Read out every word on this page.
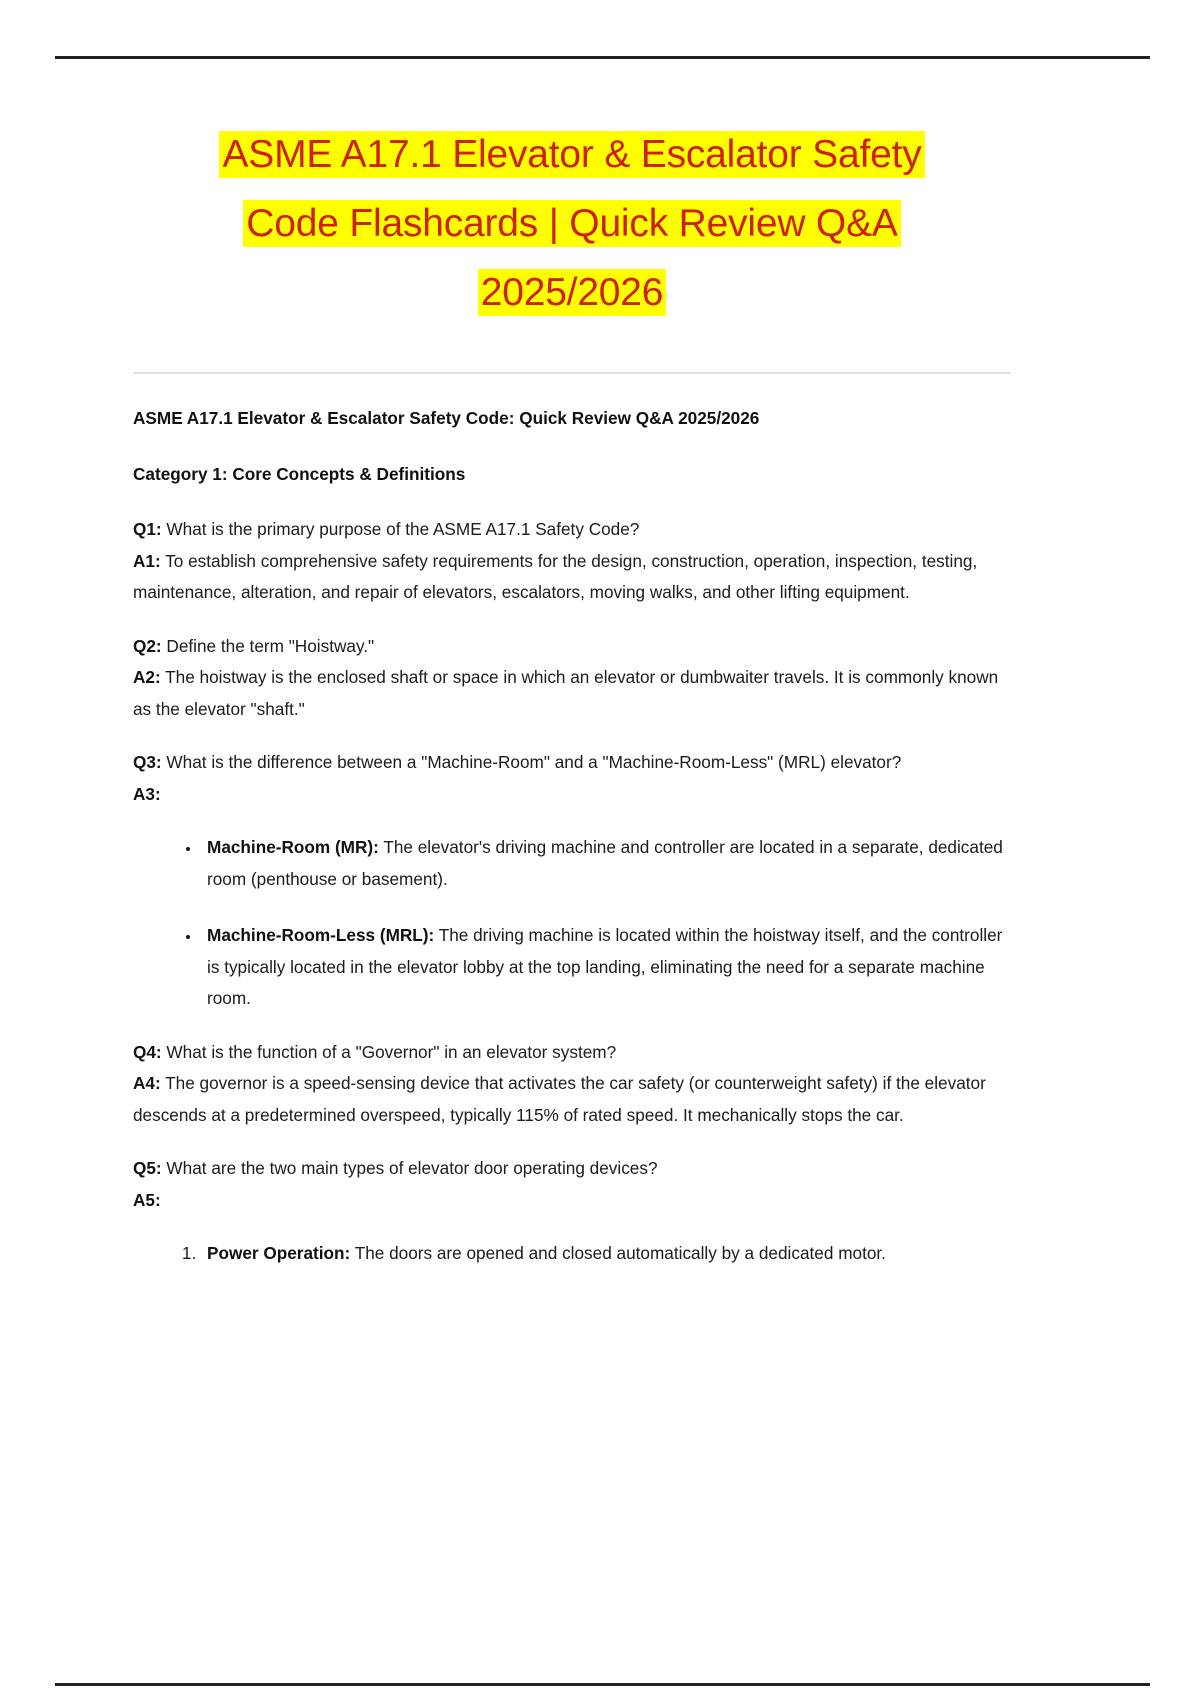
ASME A17.1 Elevator & Escalator Safety
Code Flashcards | Quick Review Q&A
2025/2026

ASME A17.1 Elevator & Escalator Safety Code: Quick Review Q&A 2025/2026

Category 1: Core Concepts & Definitions

Q1: What is the primary purpose of the ASME A17.1 Safety Code?

A1: To establish comprehensive safety requirements for the design, construction, operation, inspection, testing, maintenance, alteration, and repair of elevators, escalators, moving walks, and other lifting equipment.

Q2: Define the term "Hoistway."

A2: The hoistway is the enclosed shaft or space in which an elevator or dumbwaiter travels. It is commonly known as the elevator "shaft."

Q3: What is the difference between a "Machine-Room" and a "Machine-Room-Less" (MRL) elevator?

A3:

• Machine-Room (MR): The elevator's driving machine and controller are located in a separate, dedicated room (penthouse or basement).
• Machine-Room-Less (MRL): The driving machine is located within the hoistway itself, and the controller is typically located in the elevator lobby at the top landing, eliminating the need for a separate machine room.

Q4: What is the function of a "Governor" in an elevator system?

A4: The governor is a speed-sensing device that activates the car safety (or counterweight safety) if the elevator descends at a predetermined overspeed, typically 115% of rated speed. It mechanically stops the car.

Q5: What are the two main types of elevator door operating devices?

A5:

1. Power Operation: The doors are opened and closed automatically by a dedicated motor.
